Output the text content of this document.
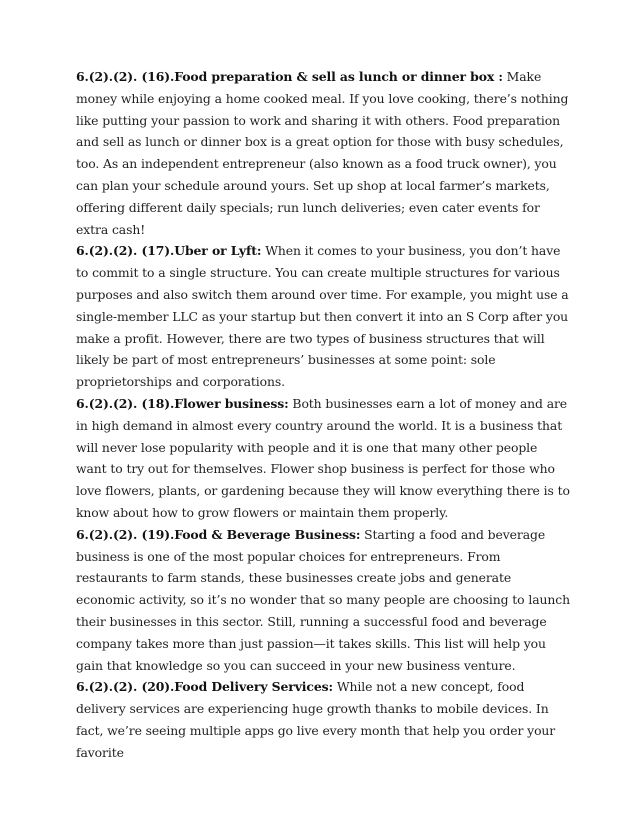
6.(2).(2). (16).Food preparation & sell as lunch or dinner box : Make money while enjoying a home cooked meal. If you love cooking, there’s nothing like putting your passion to work and sharing it with others. Food preparation and sell as lunch or dinner box is a great option for those with busy schedules, too. As an independent entrepreneur (also known as a food truck owner), you can plan your schedule around yours. Set up shop at local farmer’s markets, offering different daily specials; run lunch deliveries; even cater events for extra cash!

6.(2).(2). (17).Uber or Lyft: When it comes to your business, you don’t have to commit to a single structure. You can create multiple structures for various purposes and also switch them around over time. For example, you might use a single-member LLC as your startup but then convert it into an S Corp after you make a profit. However, there are two types of business structures that will likely be part of most entrepreneurs’ businesses at some point: sole proprietorships and corporations.

6.(2).(2). (18).Flower business: Both businesses earn a lot of money and are in high demand in almost every country around the world. It is a business that will never lose popularity with people and it is one that many other people want to try out for themselves. Flower shop business is perfect for those who love flowers, plants, or gardening because they will know everything there is to know about how to grow flowers or maintain them properly.

6.(2).(2). (19).Food & Beverage Business: Starting a food and beverage business is one of the most popular choices for entrepreneurs. From restaurants to farm stands, these businesses create jobs and generate economic activity, so it’s no wonder that so many people are choosing to launch their businesses in this sector. Still, running a successful food and beverage company takes more than just passion—it takes skills. This list will help you gain that knowledge so you can succeed in your new business venture.

6.(2).(2). (20).Food Delivery Services: While not a new concept, food delivery services are experiencing huge growth thanks to mobile devices. In fact, we’re seeing multiple apps go live every month that help you order your favorite
